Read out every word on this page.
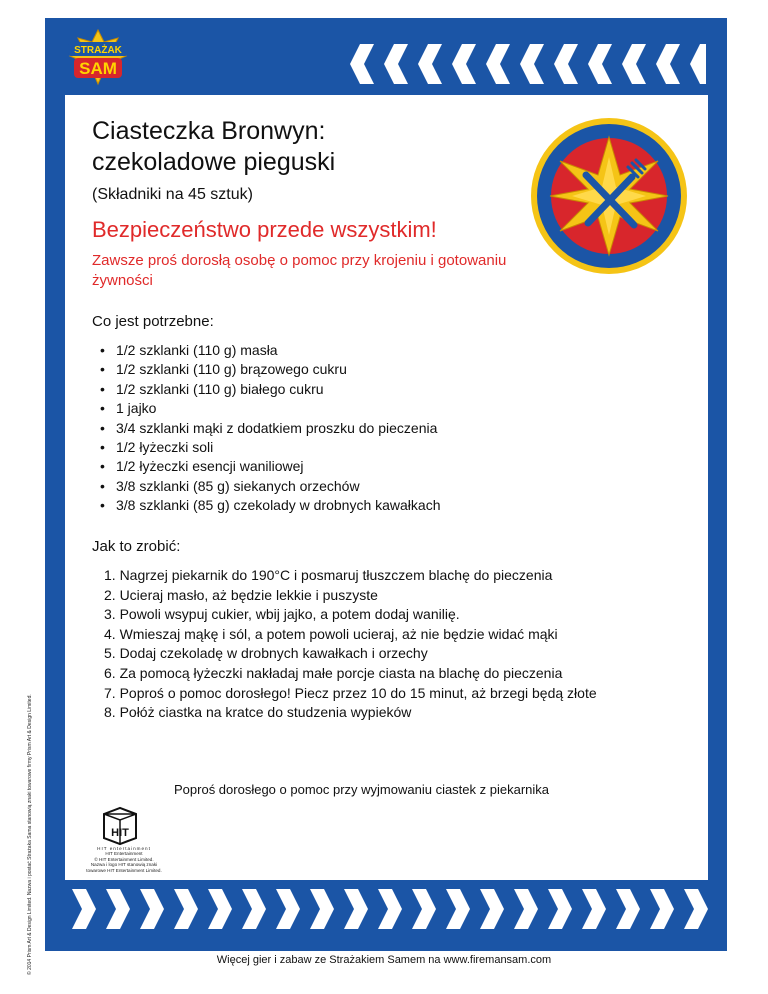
STRAŻAK
SAM
Ciasteczka Bronwyn:
czekoladowe pieguski
(Składniki na 45 sztuk)
Bezpieczeństwo przede wszystkim!
Zawsze proś dorosłą osobę o pomoc przy krojeniu i gotowaniu żywności
Co jest potrzebne:
• 1/2 szklanki (110 g) masła
• 1/2 szklanki (110 g) brązowego cukru
• 1/2 szklanki (110 g) białego cukru
• 1 jajko
• 3/4 szklanki mąki z dodatkiem proszku do pieczenia
• 1/2 łyżeczki soli
• 1/2 łyżeczki esencji waniliowej
• 3/8 szklanki (85 g) siekanych orzechów
• 3/8 szklanki (85 g) czekolady w drobnych kawałkach
Jak to zrobić:
1. Nagrzej piekarnik do 190°C i posmaruj tłuszczem blachę do pieczenia
2. Ucieraj masło, aż będzie lekkie i puszyste
3. Powoli wsypuj cukier, wbij jajko, a potem dodaj wanilię.
4. Wmieszaj mąkę i sól, a potem powoli ucieraj, aż nie będzie widać mąki
5. Dodaj czekoladę w drobnych kawałkach i orzechy
6. Za pomocą łyżeczki nakładaj małe porcje ciasta na blachę do pieczenia
7. Poproś o pomoc dorosłego! Piecz przez 10 do 15 minut, aż brzegi będą złote
8. Połóż ciastka na kratce do studzenia wypieków
Poproś dorosłego o pomoc przy wyjmowaniu ciastek z piekarnika
HIT
HIT entertainment
HIT Entertainment
© HIT Entertainment Limited.
Nazwa i logo HIT stanowią znaki
towarowe HIT Entertainment Limited.
© 2014 Prism Art & Design Limited. Nazwa i postać Strażaka Sama stanowią znaki towarowe firmy Prism Art & Design Limited.	Więcej gier i zabaw ze Strażakiem Samem na www.firemansam.com
